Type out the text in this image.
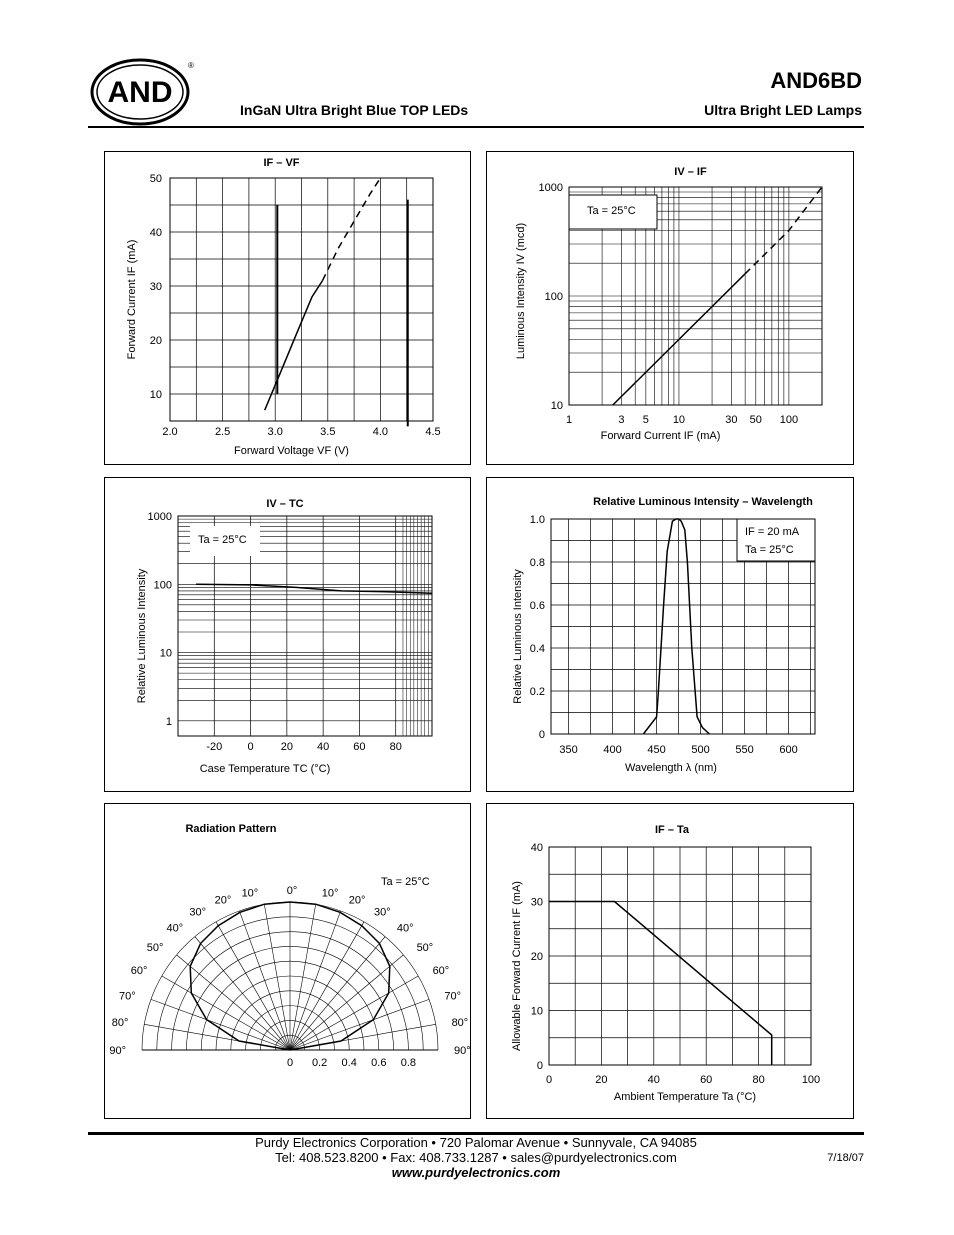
AND
®
AND6BD
InGaN Ultra Bright Blue TOP LEDs	Ultra Bright LED Lamps
IF – VF
2.0	2.5	3.0	3.5	4.0	4.5
10
20
30
40
50
Forward Voltage VF (V)
Forward Current IF (mA)
Ta = 25°C
IV – IF
1	3 5 10	30 50 100
10
100
1000
Forward Current IF (mA)
Luminous Intensity IV (mcd)
Ta = 25°C
IV – TC
-20 0 20 40 60 80
1
10
100
1000
Case Temperature TC (°C)
Relative Luminous Intensity
IF = 20 mA
Ta = 25°C
Relative Luminous Intensity – Wavelength
350 400 450 500 550 600
0
0.2
0.4
0.6
0.8
1.0
Wavelength λ (nm)
Relative Luminous Intensity
Radiation Pattern
10°
20°
30°
40°
50°
60°
70°
80°
90°
10°
20°
30°
40°
50°
60°
70°
80°
90°
0°
0 0.2 0.4 0.6 0.8
Ta = 25°C
IF – Ta
0	20	40	60	80	100
0
10
20
30
40
Ambient Temperature Ta (°C)
Allowable Forward Current IF (mA)
Purdy Electronics Corporation • 720 Palomar Avenue • Sunnyvale, CA 94085
Tel: 408.523.8200 • Fax: 408.733.1287 • sales@purdyelectronics.com
www.purdyelectronics.com
7/18/07
